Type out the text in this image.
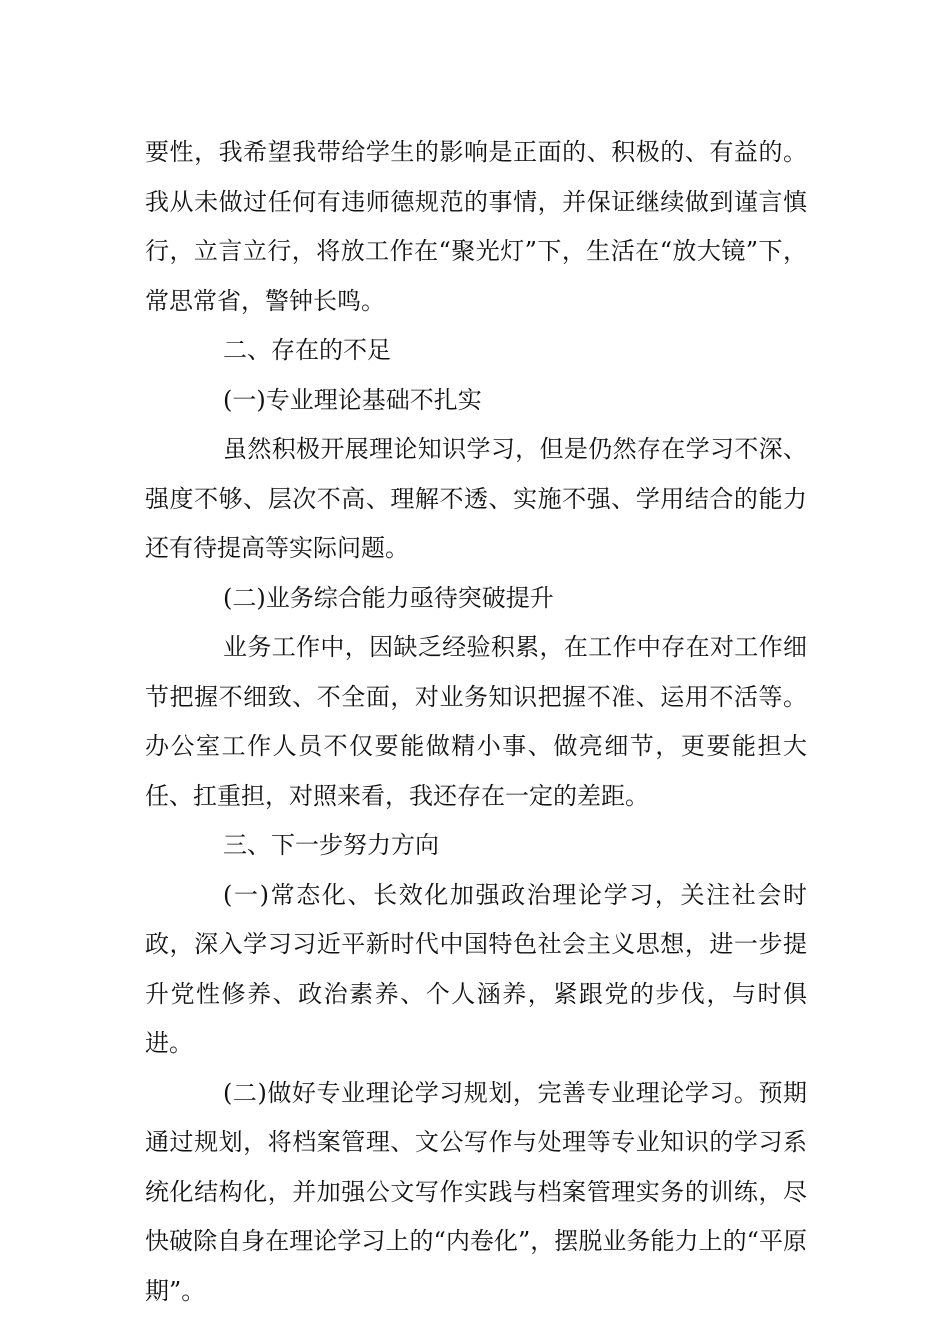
要性，我希望我带给学生的影响是正面的、积极的、有益的。我从未做过任何有违师德规范的事情，并保证继续做到谨言慎行，立言立行，将放工作在“聚光灯”下，生活在“放大镜”下，常思常省，警钟长鸣。

二、存在的不足

(一)专业理论基础不扎实

虽然积极开展理论知识学习，但是仍然存在学习不深、强度不够、层次不高、理解不透、实施不强、学用结合的能力还有待提高等实际问题。

(二)业务综合能力亟待突破提升

业务工作中，因缺乏经验积累，在工作中存在对工作细节把握不细致、不全面，对业务知识把握不准、运用不活等。办公室工作人员不仅要能做精小事、做亮细节，更要能担大任、扛重担，对照来看，我还存在一定的差距。

三、下一步努力方向

(一)常态化、长效化加强政治理论学习，关注社会时政，深入学习习近平新时代中国特色社会主义思想，进一步提升党性修养、政治素养、个人涵养，紧跟党的步伐，与时俱进。

(二)做好专业理论学习规划，完善专业理论学习。预期通过规划，将档案管理、文公写作与处理等专业知识的学习系统化结构化，并加强公文写作实践与档案管理实务的训练，尽快破除自身在理论学习上的“内卷化”，摆脱业务能力上的“平原期”。
